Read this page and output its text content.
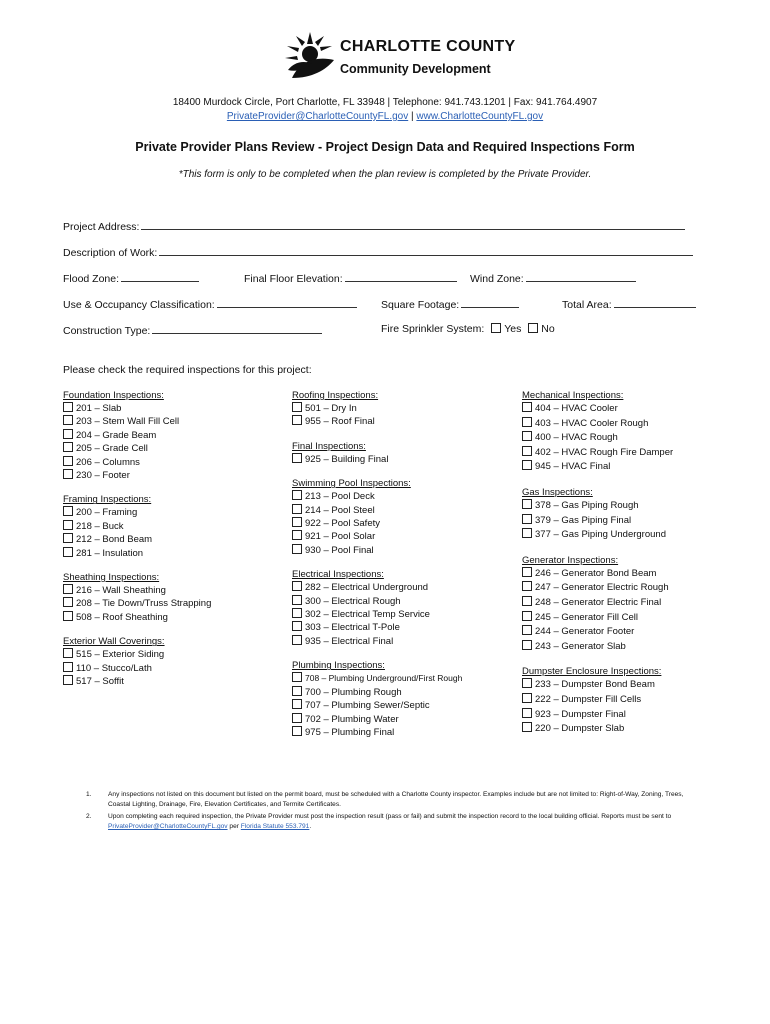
CHARLOTTE COUNTY
Community Development
18400 Murdock Circle, Port Charlotte, FL 33948 | Telephone: 941.743.1201 | Fax: 941.764.4907
PrivateProvider@CharlotteCountyFL.gov | www.CharlotteCountyFL.gov
Private Provider Plans Review - Project Design Data and Required Inspections Form
*This form is only to be completed when the plan review is completed by the Private Provider.
Project Address:
Description of Work:
Flood Zone:	Final Floor Elevation:	Wind Zone:
Use & Occupancy Classification:	Square Footage:	Total Area:
Construction Type:	Fire Sprinkler System: Yes No
Please check the required inspections for this project:
Foundation Inspections:
201 – Slab
203 – Stem Wall Fill Cell
204 – Grade Beam
205 – Grade Cell
206 – Columns
230 – Footer
Framing Inspections:
200 – Framing
218 – Buck
212 – Bond Beam
281 – Insulation
Sheathing Inspections:
216 – Wall Sheathing
208 – Tie Down/Truss Strapping
508 – Roof Sheathing
Exterior Wall Coverings:
515 – Exterior Siding
110 – Stucco/Lath
517 – Soffit
Roofing Inspections:
501 – Dry In
955 – Roof Final
Final Inspections:
925 – Building Final
Swimming Pool Inspections:
213 – Pool Deck
214 – Pool Steel
922 – Pool Safety
921 – Pool Solar
930 – Pool Final
Electrical Inspections:
282 – Electrical Underground
300 – Electrical Rough
302 – Electrical Temp Service
303 – Electrical T-Pole
935 – Electrical Final
Plumbing Inspections:
708 – Plumbing Underground/First Rough
700 – Plumbing Rough
707 – Plumbing Sewer/Septic
702 – Plumbing Water
975 – Plumbing Final
Mechanical Inspections:
404 – HVAC Cooler
403 – HVAC Cooler Rough
400 – HVAC Rough
402 – HVAC Rough Fire Damper
945 – HVAC Final
Gas Inspections:
378 – Gas Piping Rough
379 – Gas Piping Final
377 – Gas Piping Underground
Generator Inspections:
246 – Generator Bond Beam
247 – Generator Electric Rough
248 – Generator Electric Final
245 – Generator Fill Cell
244 – Generator Footer
243 – Generator Slab
Dumpster Enclosure Inspections:
233 – Dumpster Bond Beam
222 – Dumpster Fill Cells
923 – Dumpster Final
220 – Dumpster Slab
1.	Any inspections not listed on this document but listed on the permit board, must be scheduled with a Charlotte County inspector. Examples include but are not limited to: Right-of-Way, Zoning, Trees, Coastal Lighting, Drainage, Fire, Elevation Certificates, and Termite Certificates.
2.	Upon completing each required inspection, the Private Provider must post the inspection result (pass or fail) and submit the inspection record to the local building official. Reports must be sent to PrivateProvider@CharlotteCountyFL.gov per Florida Statute 553.791.
